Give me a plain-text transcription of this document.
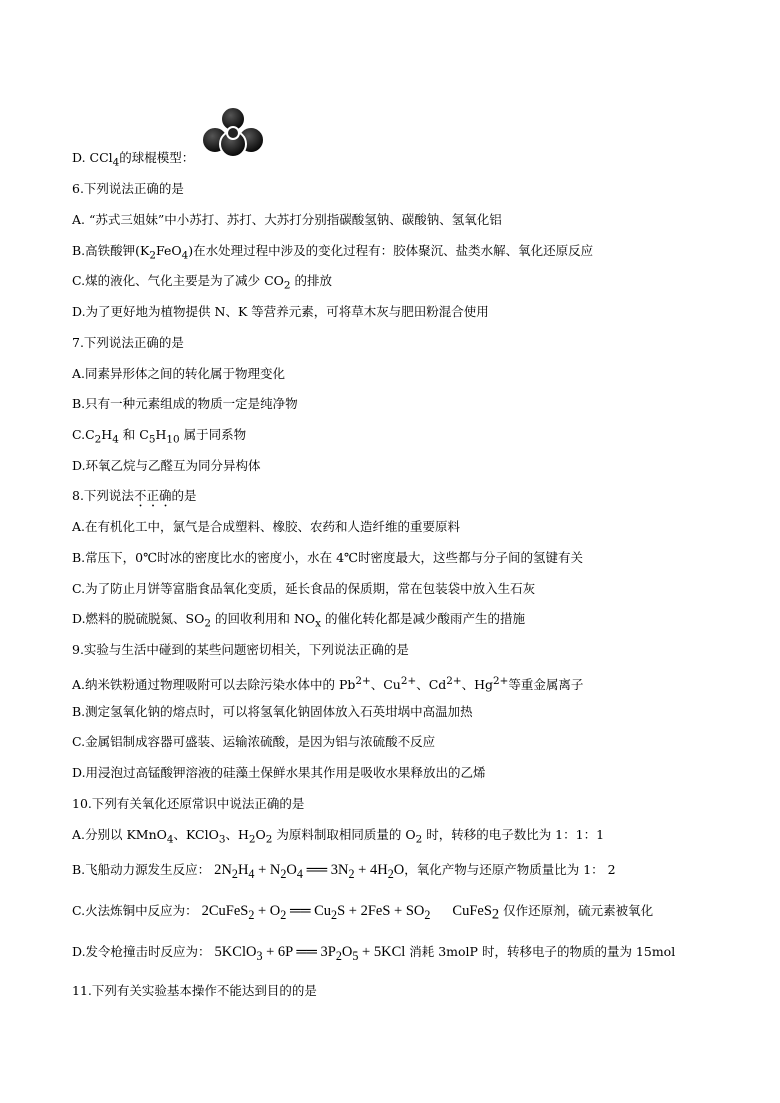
D. CCl$_4$的球棍模型：
6.下列说法正确的是
A. “苏式三姐妹”中小苏打、苏打、大苏打分别指碳酸氢钠、碳酸钠、氢氧化铝
B.高铁酸钾$(K_2FeO_4)$在水处理过程中涉及的变化过程有：胶体聚沉、盐类水解、氧化还原反应
C.煤的液化、气化主要是为了减少 $CO_2$ 的排放
D.为了更好地为植物提供 N、K 等营养元素，可将草木灰与肥田粉混合使用
7.下列说法正确的是
A.同素异形体之间的转化属于物理变化
B.只有一种元素组成的物质一定是纯净物
$C.C_2H_4$ 和 $C_5H_{10}$ 属于同系物
D.环氧乙烷与乙醛互为同分异构体
8.下列说法不正确的是
A.在有机化工中，氯气是合成塑料、橡胶、农药和人造纤维的重要原料
B.常压下，0℃时冰的密度比水的密度小，水在 4℃时密度最大，这些都与分子间的氢键有关
C.为了防止月饼等富脂食品氧化变质，延长食品的保质期，常在包装袋中放入生石灰
D.燃料的脱硫脱氮、$SO_2$ 的回收利用和 $NO_x$ 的催化转化都是减少酸雨产生的措施
9.实验与生活中碰到的某些问题密切相关，下列说法正确的是
A.纳米铁粉通过物理吸附可以去除污染水体中的 $Pb^{2+}$、$Cu^{2+}$、$Cd^{2+}$、$Hg^{2+}$等重金属离子
B.测定氢氧化钠的熔点时，可以将氢氧化钠固体放入石英坩埚中高温加热
C.金属铝制成容器可盛装、运输浓硫酸，是因为铝与浓硫酸不反应
D.用浸泡过高锰酸钾溶液的硅藻土保鲜水果其作用是吸收水果释放出的乙烯
10.下列有关氧化还原常识中说法正确的是
A.分别以 KMnO$_4$、KClO$_3$、$H_2O_2$ 为原料制取相同质量的 $O_2$ 时，转移的电子数比为 1：1：1
B.飞船动力源发生反应： $2N_2H_4 + N_2O_4$ ══ $3N_2 + 4H_2O$，氧化产物与还原产物质量比为 1： 2
C.火法炼铜中反应为： 2CuFeS$_2$ + $O_2$ ══ $Cu_2S + 2FeS + SO_2$ CuFeS$_2$ 仅作还原剂，硫元素被氧化
D.发令枪撞击时反应为： 5KClO$_3$ + 6P ══ $3P_2O_5 + 5KCl$ 消耗 3molP 时，转移电子的物质的量为 15mol
11.下列有关实验基本操作不能达到目的的是
